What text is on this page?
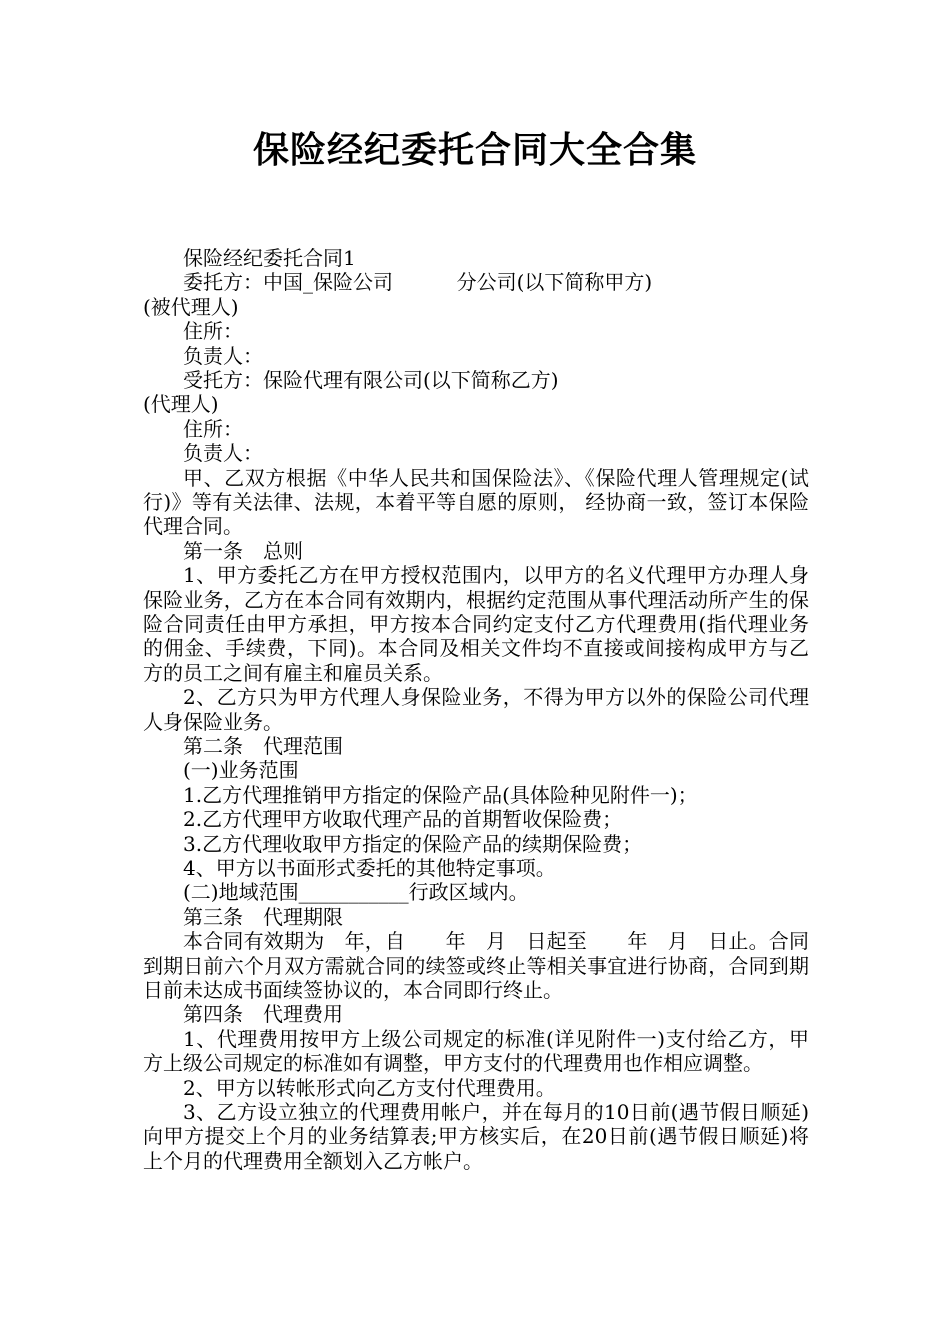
保险经纪委托合同大全合集
保险经纪委托合同1
委托方：中国_保险公司          分公司(以下简称甲方)
(被代理人)
住所：
负责人：
受托方：保险代理有限公司(以下简称乙方)
(代理人)
住所：
负责人：
甲、乙双方根据《中华人民共和国保险法》、《保险代理人管理规定(试行)》等有关法律、法规，本着平等自愿的原则， 经协商一致，签订本保险代理合同。
第一条　总则
1、甲方委托乙方在甲方授权范围内，以甲方的名义代理甲方办理人身保险业务，乙方在本合同有效期内，根据约定范围从事代理活动所产生的保险合同责任由甲方承担，甲方按本合同约定支付乙方代理费用(指代理业务的佣金、手续费，下同)。本合同及相关文件均不直接或间接构成甲方与乙方的员工之间有雇主和雇员关系。
2、乙方只为甲方代理人身保险业务，不得为甲方以外的保险公司代理人身保险业务。
第二条　代理范围
(一)业务范围
1.乙方代理推销甲方指定的保险产品(具体险种见附件一)；
2.乙方代理甲方收取代理产品的首期暂收保险费；
3.乙方代理收取甲方指定的保险产品的续期保险费；
4、甲方以书面形式委托的其他特定事项。
(二)地域范围___________行政区域内。
第三条　代理期限
本合同有效期为　年，自　　年　月　日起至　　年　月　日止。合同到期日前六个月双方需就合同的续签或终止等相关事宜进行协商，合同到期日前未达成书面续签协议的，本合同即行终止。
第四条　代理费用
1、代理费用按甲方上级公司规定的标准(详见附件一)支付给乙方，甲方上级公司规定的标准如有调整，甲方支付的代理费用也作相应调整。
2、甲方以转帐形式向乙方支付代理费用。
3、乙方设立独立的代理费用帐户，并在每月的10日前(遇节假日顺延)向甲方提交上个月的业务结算表;甲方核实后，在20日前(遇节假日顺延)将上个月的代理费用全额划入乙方帐户。
